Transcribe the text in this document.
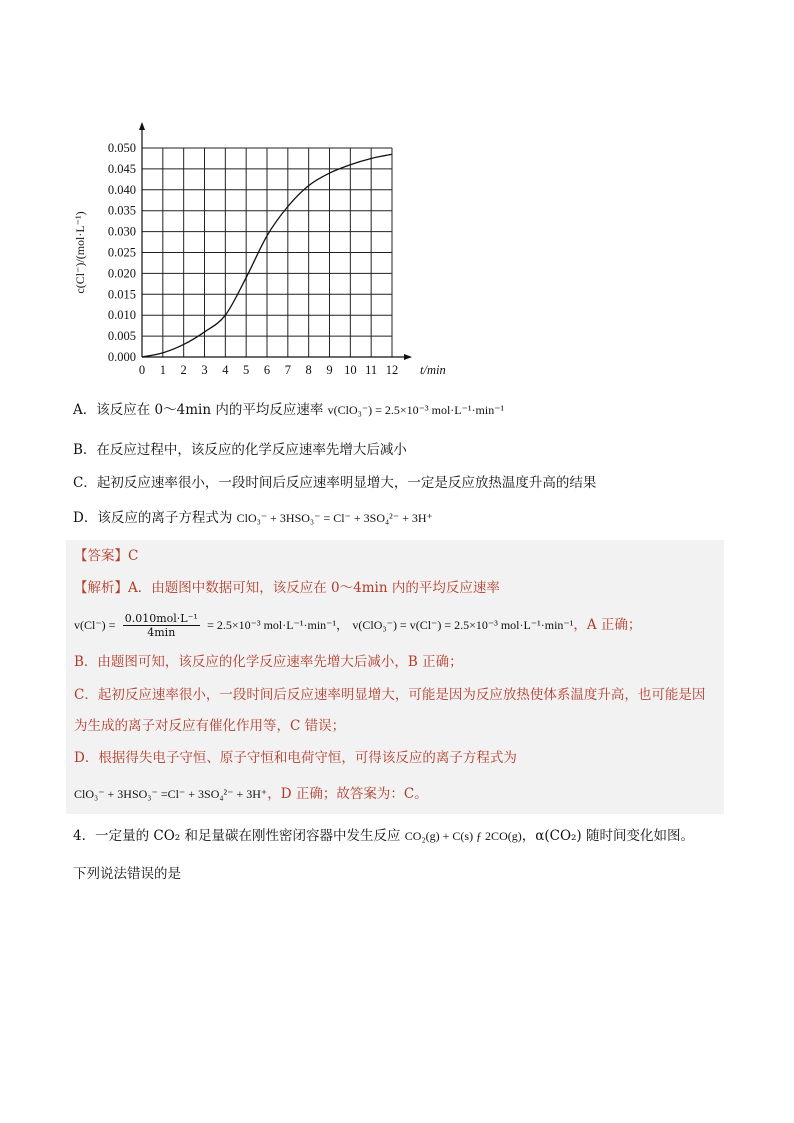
0.000
0.005
0.010
0.015
0.020
0.025
0.030
0.035
0.040
0.045
0.050
0 1 2 3 4 5 6 7 8 9 10 11 12 t/min
c(Cl⁻)/(mol·L⁻¹)
A．该反应在 0～4min 内的平均反应速率 v(ClO₃⁻) = 2.5×10⁻³ mol·L⁻¹·min⁻¹
B．在反应过程中，该反应的化学反应速率先增大后减小
C．起初反应速率很小，一段时间后反应速率明显增大，一定是反应放热温度升高的结果
D．该反应的离子方程式为 ClO₃⁻ + 3HSO₃⁻ = Cl⁻ + 3SO₄²⁻ + 3H⁺
【答案】C
【解析】A．由题图中数据可知，该反应在 0～4min 内的平均反应速率
$v(Cl^-) = \frac{\text{0.010mol·L⁻¹}}{4\min} = 2.5\times 10^{-3}$ mol·L⁻¹·min⁻¹， v(ClO₃⁻) = v(Cl⁻) = 2.5×10⁻³ mol·L⁻¹·min⁻¹，A 正确；
B．由题图可知，该反应的化学反应速率先增大后减小，B 正确；
C．起初反应速率很小，一段时间后反应速率明显增大，可能是因为反应放热使体系温度升高，也可能是因
为生成的离子对反应有催化作用等，C 错误；
D．根据得失电子守恒、原子守恒和电荷守恒，可得该反应的离子方程式为
ClO₃⁻ + 3HSO₃⁻ =Cl⁻ + 3SO₄²⁻ + 3H⁺，D 正确；故答案为：C。
4．一定量的 CO₂ 和足量碳在刚性密闭容器中发生反应 CO₂(g) + C(s) ƒ 2CO(g)，α(CO₂) 随时间变化如图。
下列说法错误的是
